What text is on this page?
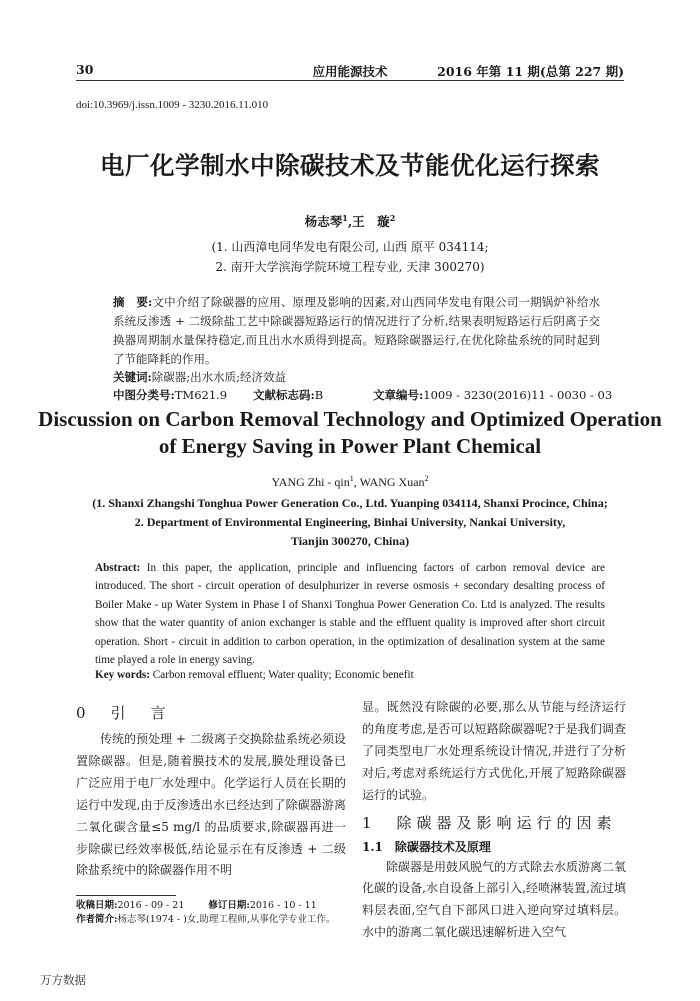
30	应用能源技术	2016 年第 11 期(总第 227 期)
doi:10.3969/j.issn.1009 - 3230.2016.11.010
电厂化学制水中除碳技术及节能优化运行探索
杨志琴$^1$,王　璇$^2$
(1. 山西漳电同华发电有限公司, 山西 原平 034114;
2. 南开大学滨海学院环境工程专业, 天津 300270)
摘　要:文中介绍了除碳器的应用、原理及影响的因素,对山西同华发电有限公司一期锅炉补给水系统反渗透 + 二级除盐工艺中除碳器短路运行的情况进行了分析,结果表明短路运行后阴离子交换器周期制水量保持稳定,而且出水水质得到提高。短路除碳器运行,在优化除盐系统的同时起到了节能降耗的作用。
关键词:除碳器;出水水质;经济效益
中图分类号:TM621.9 文献标志码:B	文章编号:1009 - 3230(2016)11 - 0030 - 03
Discussion on Carbon Removal Technology and Optimized Operation
of Energy Saving in Power Plant Chemical
YANG Zhi - qin$^1$, WANG Xuan$^2$
(1. Shanxi Zhangshi Tonghua Power Generation Co., Ltd. Yuanping 034114, Shanxi Procince, China;
2. Department of Environmental Engineering, Binhai University, Nankai University,
Tianjin 300270, China)
Abstract: In this paper, the application, principle and influencing factors of carbon removal device are introduced. The short - circuit operation of desulphurizer in reverse osmosis + secondary desalting process of Boiler Make - up Water System in Phase I of Shanxi Tonghua Power Generation Co. Ltd is analyzed. The results show that the water quantity of anion exchanger is stable and the effluent quality is improved after short circuit operation. Short - circuit in addition to carbon operation, in the optimization of desalination system at the same time played a role in energy saving.
Key words: Carbon removal effluent; Water quality; Economic benefit
0　引　言

传统的预处理 + 二级离子交换除盐系统必须设置除碳器。但是,随着膜技术的发展,膜处理设备已广泛应用于电厂水处理中。化学运行人员在长期的运行中发现,由于反渗透出水已经达到了除碳器游离二氧化碳含量≤5 mg/l 的品质要求,除碳器再进一步除碳已经效率极低,结论显示在有反渗透 + 二级除盐系统中的除碳器作用不明

显。既然没有除碳的必要,那么从节能与经济运行的角度考虑,是否可以短路除碳器呢?于是我们调查了同类型电厂水处理系统设计情况,并进行了分析对后,考虑对系统运行方式优化,开展了短路除碳器运行的试验。

1　除碳器及影响运行的因素
1.1　除碳器技术及原理

除碳器是用鼓风脱气的方式除去水质游离二氧化碳的设备,水自设备上部引入,经喷淋装置,流过填料层表面,空气自下部风口进入逆向穿过填料层。水中的游离二氧化碳迅速解析进入空气

收稿日期:2016 - 09 - 21	修订日期:2016 - 10 - 11
作者简介:杨志琴(1974 - )女,助理工程师,从事化学专业工作。
万方数据
